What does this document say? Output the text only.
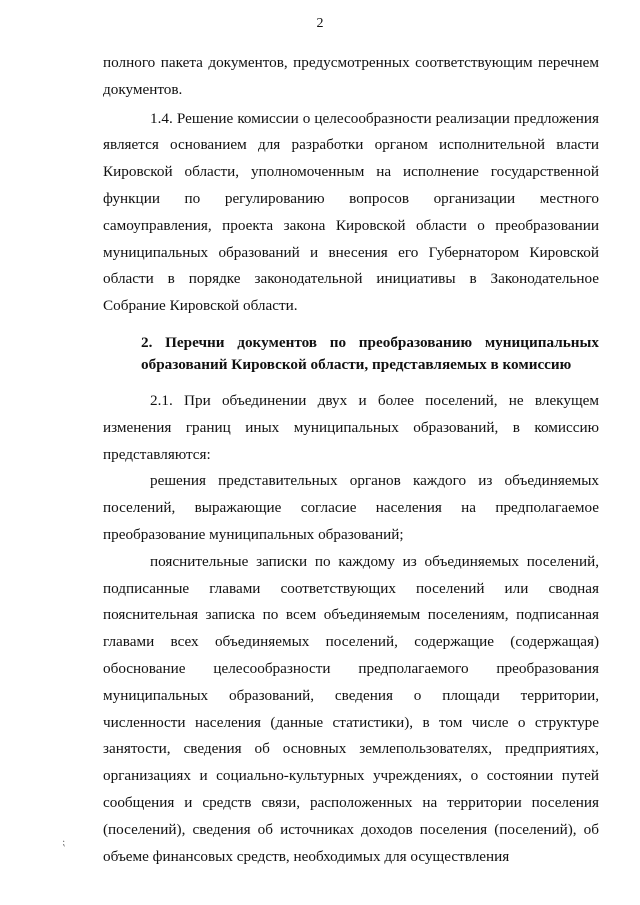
2

полного пакета документов, предусмотренных соответствующим перечнем документов.

1.4. Решение комиссии о целесообразности реализации предложения является основанием для разработки органом исполнительной власти Кировской области, уполномоченным на исполнение государственной функции по регулированию вопросов организации местного самоуправления, проекта закона Кировской области о преобразовании муниципальных образований и внесения его Губернатором Кировской области в порядке законодательной инициативы в Законодательное Собрание Кировской области.

2. Перечни документов по преобразованию муниципальных образований Кировской области, представляемых в комиссию

2.1. При объединении двух и более поселений, не влекущем изменения границ иных муниципальных образований, в комиссию представляются:

решения представительных органов каждого из объединяемых поселений, выражающие согласие населения на предполагаемое преобразование муниципальных образований;

пояснительные записки по каждому из объединяемых поселений, подписанные главами соответствующих поселений или сводная пояснительная записка по всем объединяемым поселениям, подписанная главами всех объединяемых поселений, содержащие (содержащая) обоснование целесообразности предполагаемого преобразования муниципальных образований, сведения о площади территории, численности населения (данные статистики), в том числе о структуре занятости, сведения об основных землепользователях, предприятиях, организациях и социально-культурных учреждениях, о состоянии путей сообщения и средств связи, расположенных на территории поселения (поселений), сведения об источниках доходов поселения (поселений), об объеме финансовых средств, необходимых для осуществления

⁏
